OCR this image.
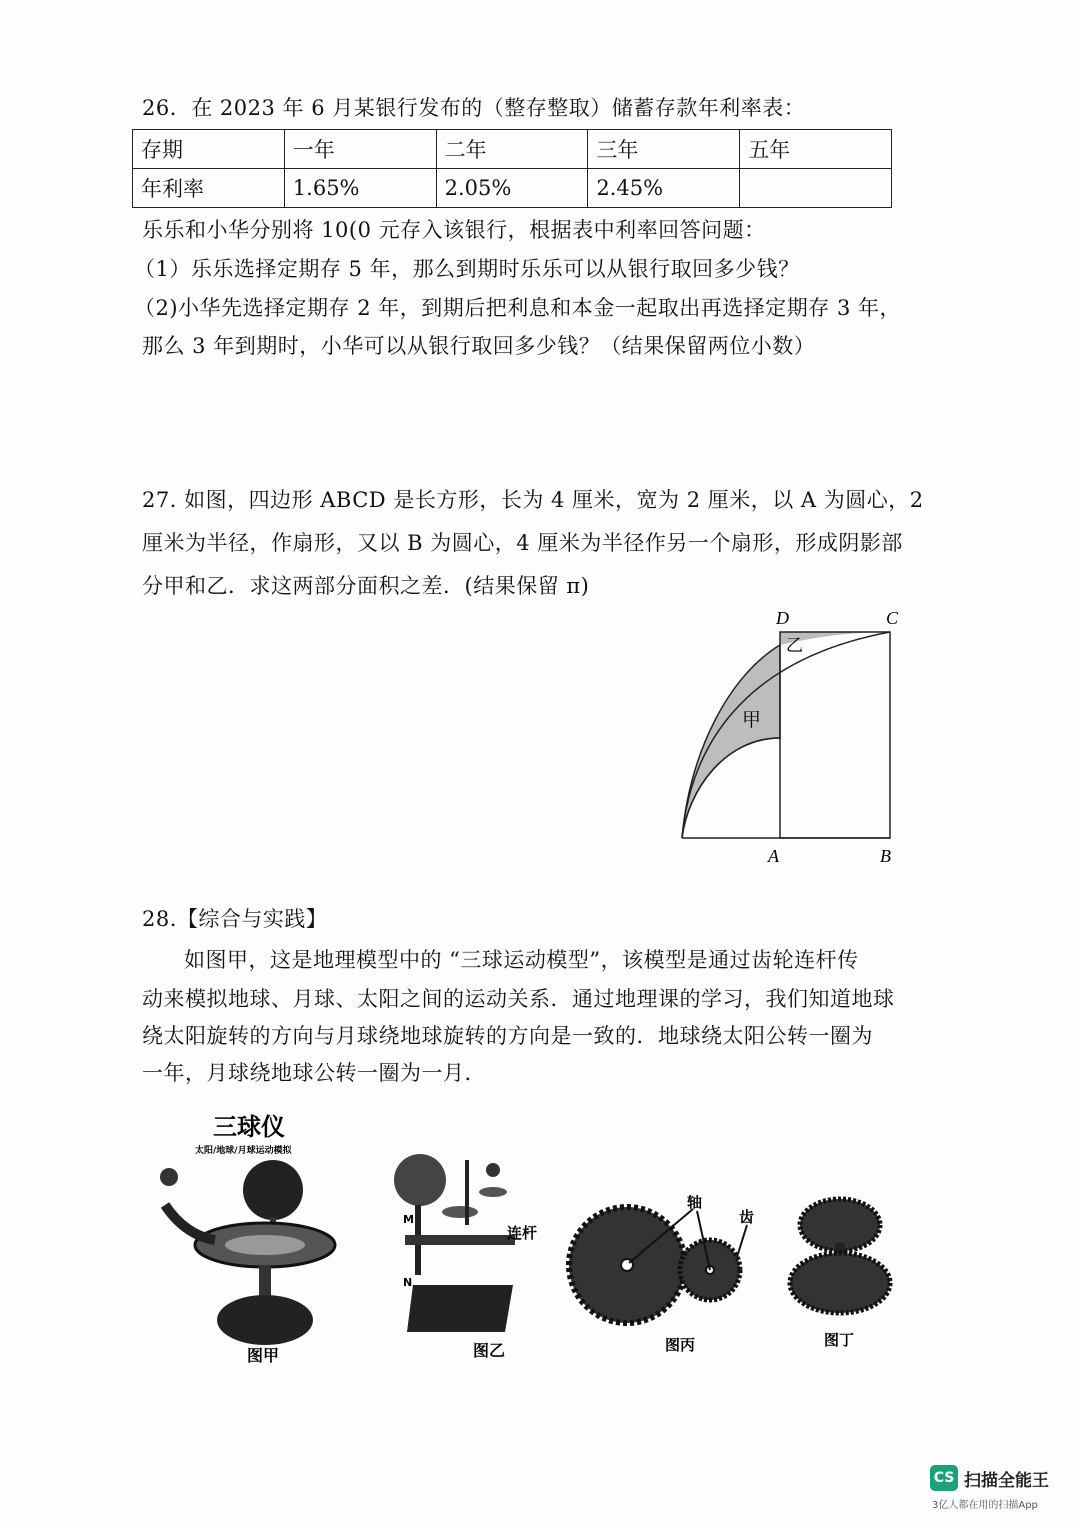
26．在 2023 年 6 月某银行发布的（整存整取）储蓄存款年利率表：
存期	一年	二年	三年	五年
年利率	1.65%	2.05%	2.45%	
乐乐和小华分别将 10(0 元存入该银行，根据表中利率回答问题：
（1）乐乐选择定期存 5 年，那么到期时乐乐可以从银行取回多少钱？
（2)小华先选择定期存 2 年，到期后把利息和本金一起取出再选择定期存 3 年，
那么 3 年到期时，小华可以从银行取回多少钱？（结果保留两位小数）
27. 如图，四边形 ABCD 是长方形，长为 4 厘米，宽为 2 厘米，以 A 为圆心，2
厘米为半径，作扇形，又以 B 为圆心，4 厘米为半径作另一个扇形，形成阴影部
分甲和乙．求这两部分面积之差．(结果保留 π)
D	C
A	B
乙
甲
28.【综合与实践】
如图甲，这是地理模型中的 “三球运动模型”，该模型是通过齿轮连杆传
动来模拟地球、月球、太阳之间的运动关系．通过地理课的学习，我们知道地球
绕太阳旋转的方向与月球绕地球旋转的方向是一致的．地球绕太阳公转一圈为
一年，月球绕地球公转一圈为一月．
三球仪
太阳/地球/月球运动模拟
图甲
M
N
连杆
图乙
轴
齿
图丙	图丁
CS 扫描全能王
3亿人都在用的扫描App
